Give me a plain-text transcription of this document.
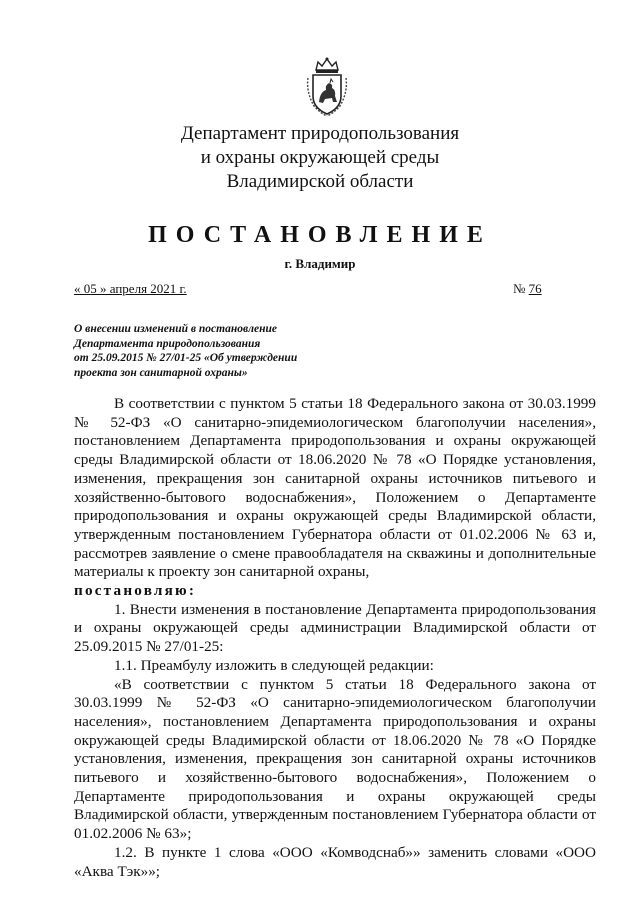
Департамент природопользования
и охраны окружающей среды
Владимирской области
ПОСТАНОВЛЕНИЕ
г. Владимир
« 05 » апреля 2021 г.	№ 76
О внесении изменений в постановление
Департамента природопользования
от 25.09.2015 № 27/01-25 «Об утверждении
проекта зон санитарной охраны»

В соответствии с пунктом 5 статьи 18 Федерального закона от 30.03.1999 № 52-ФЗ «О санитарно-эпидемиологическом благополучии населения», постановлением Департамента природопользования и охраны окружающей среды Владимирской области от 18.06.2020 № 78 «О Порядке установления, изменения, прекращения зон санитарной охраны источников питьевого и хозяйственно-бытового водоснабжения», Положением о Департаменте природопользования и охраны окружающей среды Владимирской области, утвержденным постановлением Губернатора области от 01.02.2006 № 63 и, рассмотрев заявление о смене правообладателя на скважины и дополнительные материалы к проекту зон санитарной охраны,

постановляю:

1. Внести изменения в постановление Департамента природопользования и охраны окружающей среды администрации Владимирской области от 25.09.2015 № 27/01-25:

1.1. Преамбулу изложить в следующей редакции:

«В соответствии с пунктом 5 статьи 18 Федерального закона от 30.03.1999 № 52-ФЗ «О санитарно-эпидемиологическом благополучии населения», постановлением Департамента природопользования и охраны окружающей среды Владимирской области от 18.06.2020 № 78 «О Порядке установления, изменения, прекращения зон санитарной охраны источников питьевого и хозяйственно-бытового водоснабжения», Положением о Департаменте природопользования и охраны окружающей среды Владимирской области, утвержденным постановлением Губернатора области от 01.02.2006 № 63»;

1.2. В пункте 1 слова «ООО «Комводснаб»» заменить словами «ООО «Аква Тэк»»;
